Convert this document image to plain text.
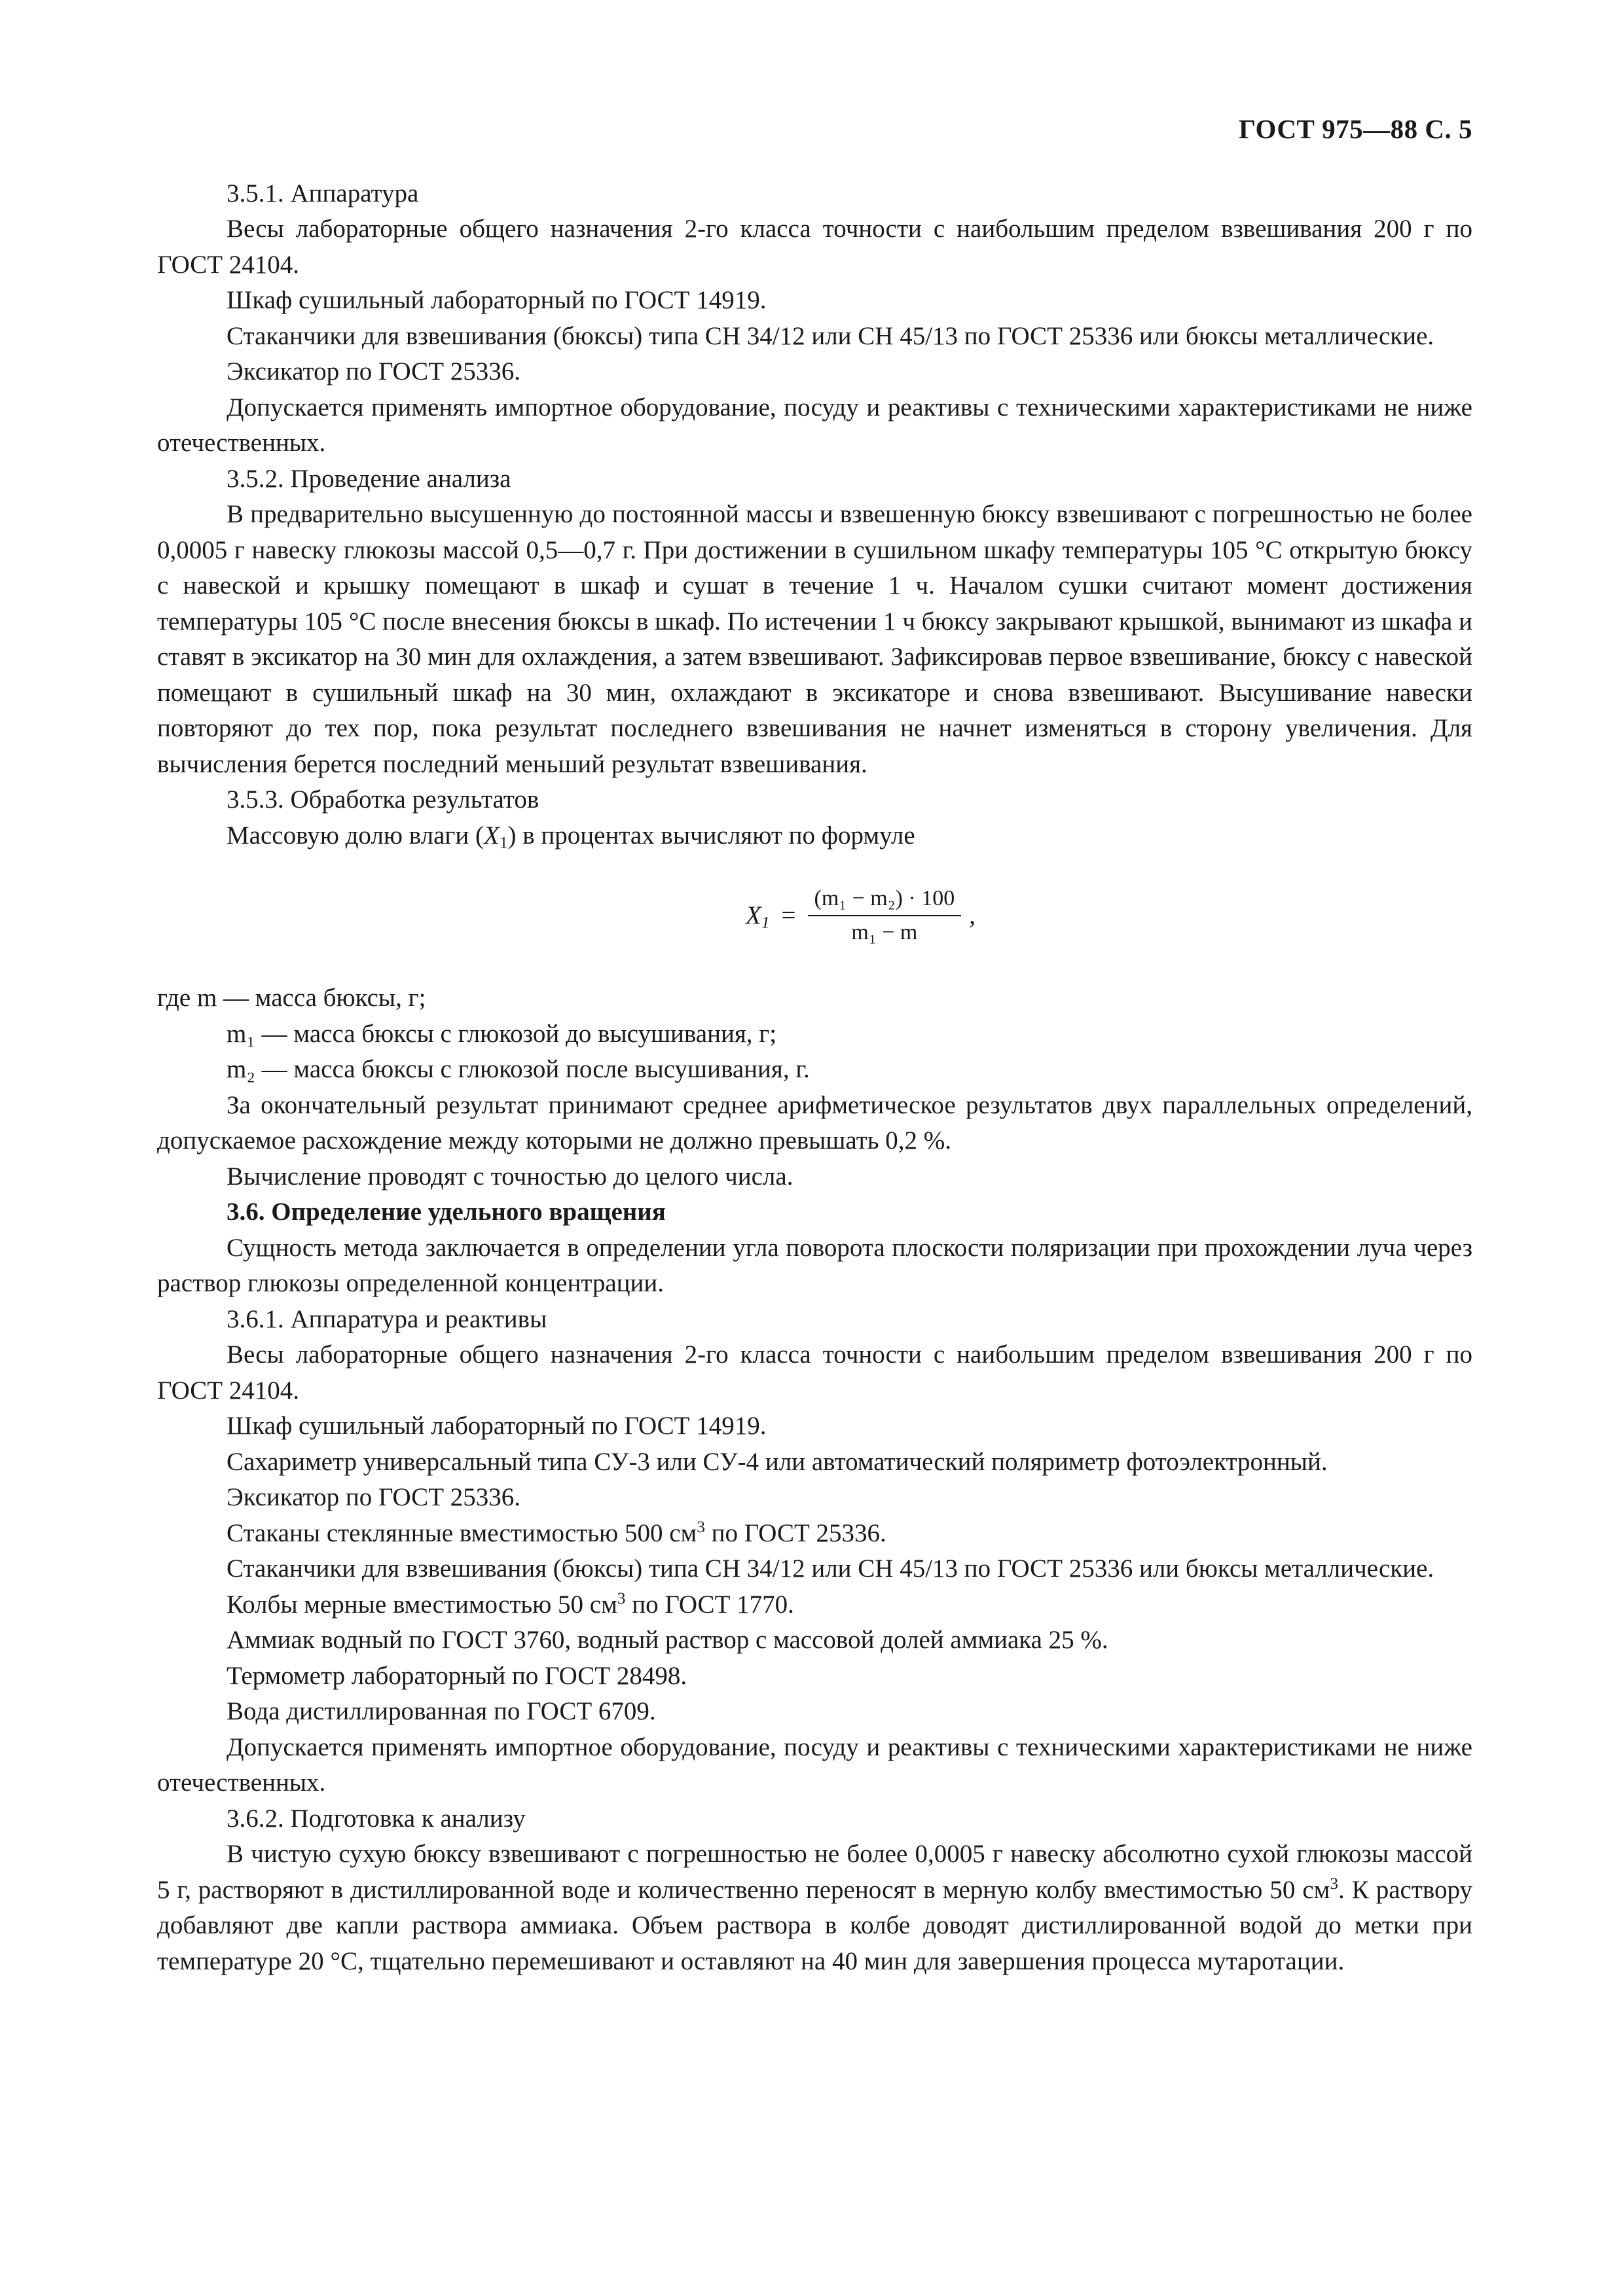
ГОСТ 975—88 С. 5

3.5.1. Аппаратура

Весы лабораторные общего назначения 2-го класса точности с наибольшим пределом взвешивания 200 г по ГОСТ 24104.

Шкаф сушильный лабораторный по ГОСТ 14919.

Стаканчики для взвешивания (бюксы) типа СН 34/12 или СН 45/13 по ГОСТ 25336 или бюксы металлические.

Эксикатор по ГОСТ 25336.

Допускается применять импортное оборудование, посуду и реактивы с техническими характеристиками не ниже отечественных.

3.5.2. Проведение анализа

В предварительно высушенную до постоянной массы и взвешенную бюксу взвешивают с погрешностью не более 0,0005 г навеску глюкозы массой 0,5—0,7 г. При достижении в сушильном шкафу температуры 105 °С открытую бюксу с навеской и крышку помещают в шкаф и сушат в течение 1 ч. Началом сушки считают момент достижения температуры 105 °С после внесения бюксы в шкаф. По истечении 1 ч бюксу закрывают крышкой, вынимают из шкафа и ставят в эксикатор на 30 мин для охлаждения, а затем взвешивают. Зафиксировав первое взвешивание, бюксу с навеской помещают в сушильный шкаф на 30 мин, охлаждают в эксикаторе и снова взвешивают. Высушивание навески повторяют до тех пор, пока результат последнего взвешивания не начнет изменяться в сторону увеличения. Для вычисления берется последний меньший результат взвешивания.

3.5.3. Обработка результатов

Массовую долю влаги $(X_1)$ в процентах вычисляют по формуле

$X_1 = \frac{\text{(m₁ − m₂) · 100}}{\text{m₁ − m}}$ ,
где m — масса бюксы, г;
m₁ — масса бюксы с глюкозой до высушивания, г;
m₂ — масса бюксы с глюкозой после высушивания, г.

За окончательный результат принимают среднее арифметическое результатов двух параллельных определений, допускаемое расхождение между которыми не должно превышать 0,2 %.

Вычисление проводят с точностью до целого числа.

3.6. Определение удельного вращения

Сущность метода заключается в определении угла поворота плоскости поляризации при прохождении луча через раствор глюкозы определенной концентрации.

3.6.1. Аппаратура и реактивы

Весы лабораторные общего назначения 2-го класса точности с наибольшим пределом взвешивания 200 г по ГОСТ 24104.

Шкаф сушильный лабораторный по ГОСТ 14919.

Сахариметр универсальный типа СУ-3 или СУ-4 или автоматический поляриметр фотоэлектронный.

Эксикатор по ГОСТ 25336.

Стаканы стеклянные вместимостью 500 $см^3$ по ГОСТ 25336.

Стаканчики для взвешивания (бюксы) типа СН 34/12 или СН 45/13 по ГОСТ 25336 или бюксы металлические.

Колбы мерные вместимостью 50 $см^3$ по ГОСТ 1770.

Аммиак водный по ГОСТ 3760, водный раствор с массовой долей аммиака 25 %.

Термометр лабораторный по ГОСТ 28498.

Вода дистиллированная по ГОСТ 6709.

Допускается применять импортное оборудование, посуду и реактивы с техническими характеристиками не ниже отечественных.

3.6.2. Подготовка к анализу

В чистую сухую бюксу взвешивают с погрешностью не более 0,0005 г навеску абсолютно сухой глюкозы массой 5 г, растворяют в дистиллированной воде и количественно переносят в мерную колбу вместимостью 50 $см^3$. К раствору добавляют две капли раствора аммиака. Объем раствора в колбе доводят дистиллированной водой до метки при температуре 20 °С, тщательно перемешивают и оставляют на 40 мин для завершения процесса мутаротации.
